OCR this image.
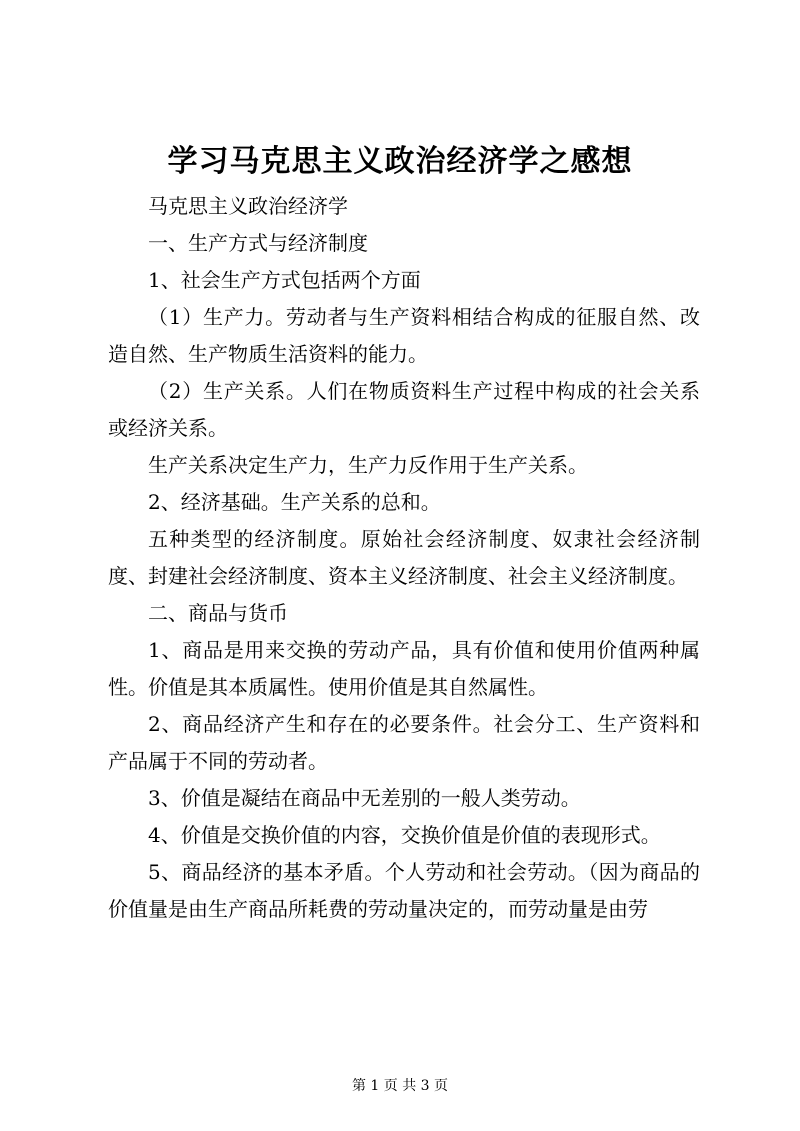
学习马克思主义政治经济学之感想

马克思主义政治经济学

一、生产方式与经济制度

1、社会生产方式包括两个方面

（1）生产力。劳动者与生产资料相结合构成的征服自然、改造自然、生产物质生活资料的能力。

（2）生产关系。人们在物质资料生产过程中构成的社会关系或经济关系。

生产关系决定生产力，生产力反作用于生产关系。

2、经济基础。生产关系的总和。

五种类型的经济制度。原始社会经济制度、奴隶社会经济制度、封建社会经济制度、资本主义经济制度、社会主义经济制度。

二、商品与货币

1、商品是用来交换的劳动产品，具有价值和使用价值两种属性。价值是其本质属性。使用价值是其自然属性。

2、商品经济产生和存在的必要条件。社会分工、生产资料和产品属于不同的劳动者。

3、价值是凝结在商品中无差别的一般人类劳动。

4、价值是交换价值的内容，交换价值是价值的表现形式。

5、商品经济的基本矛盾。个人劳动和社会劳动。（因为商品的价值量是由生产商品所耗费的劳动量决定的，而劳动量是由劳

第 1 页 共 3 页
